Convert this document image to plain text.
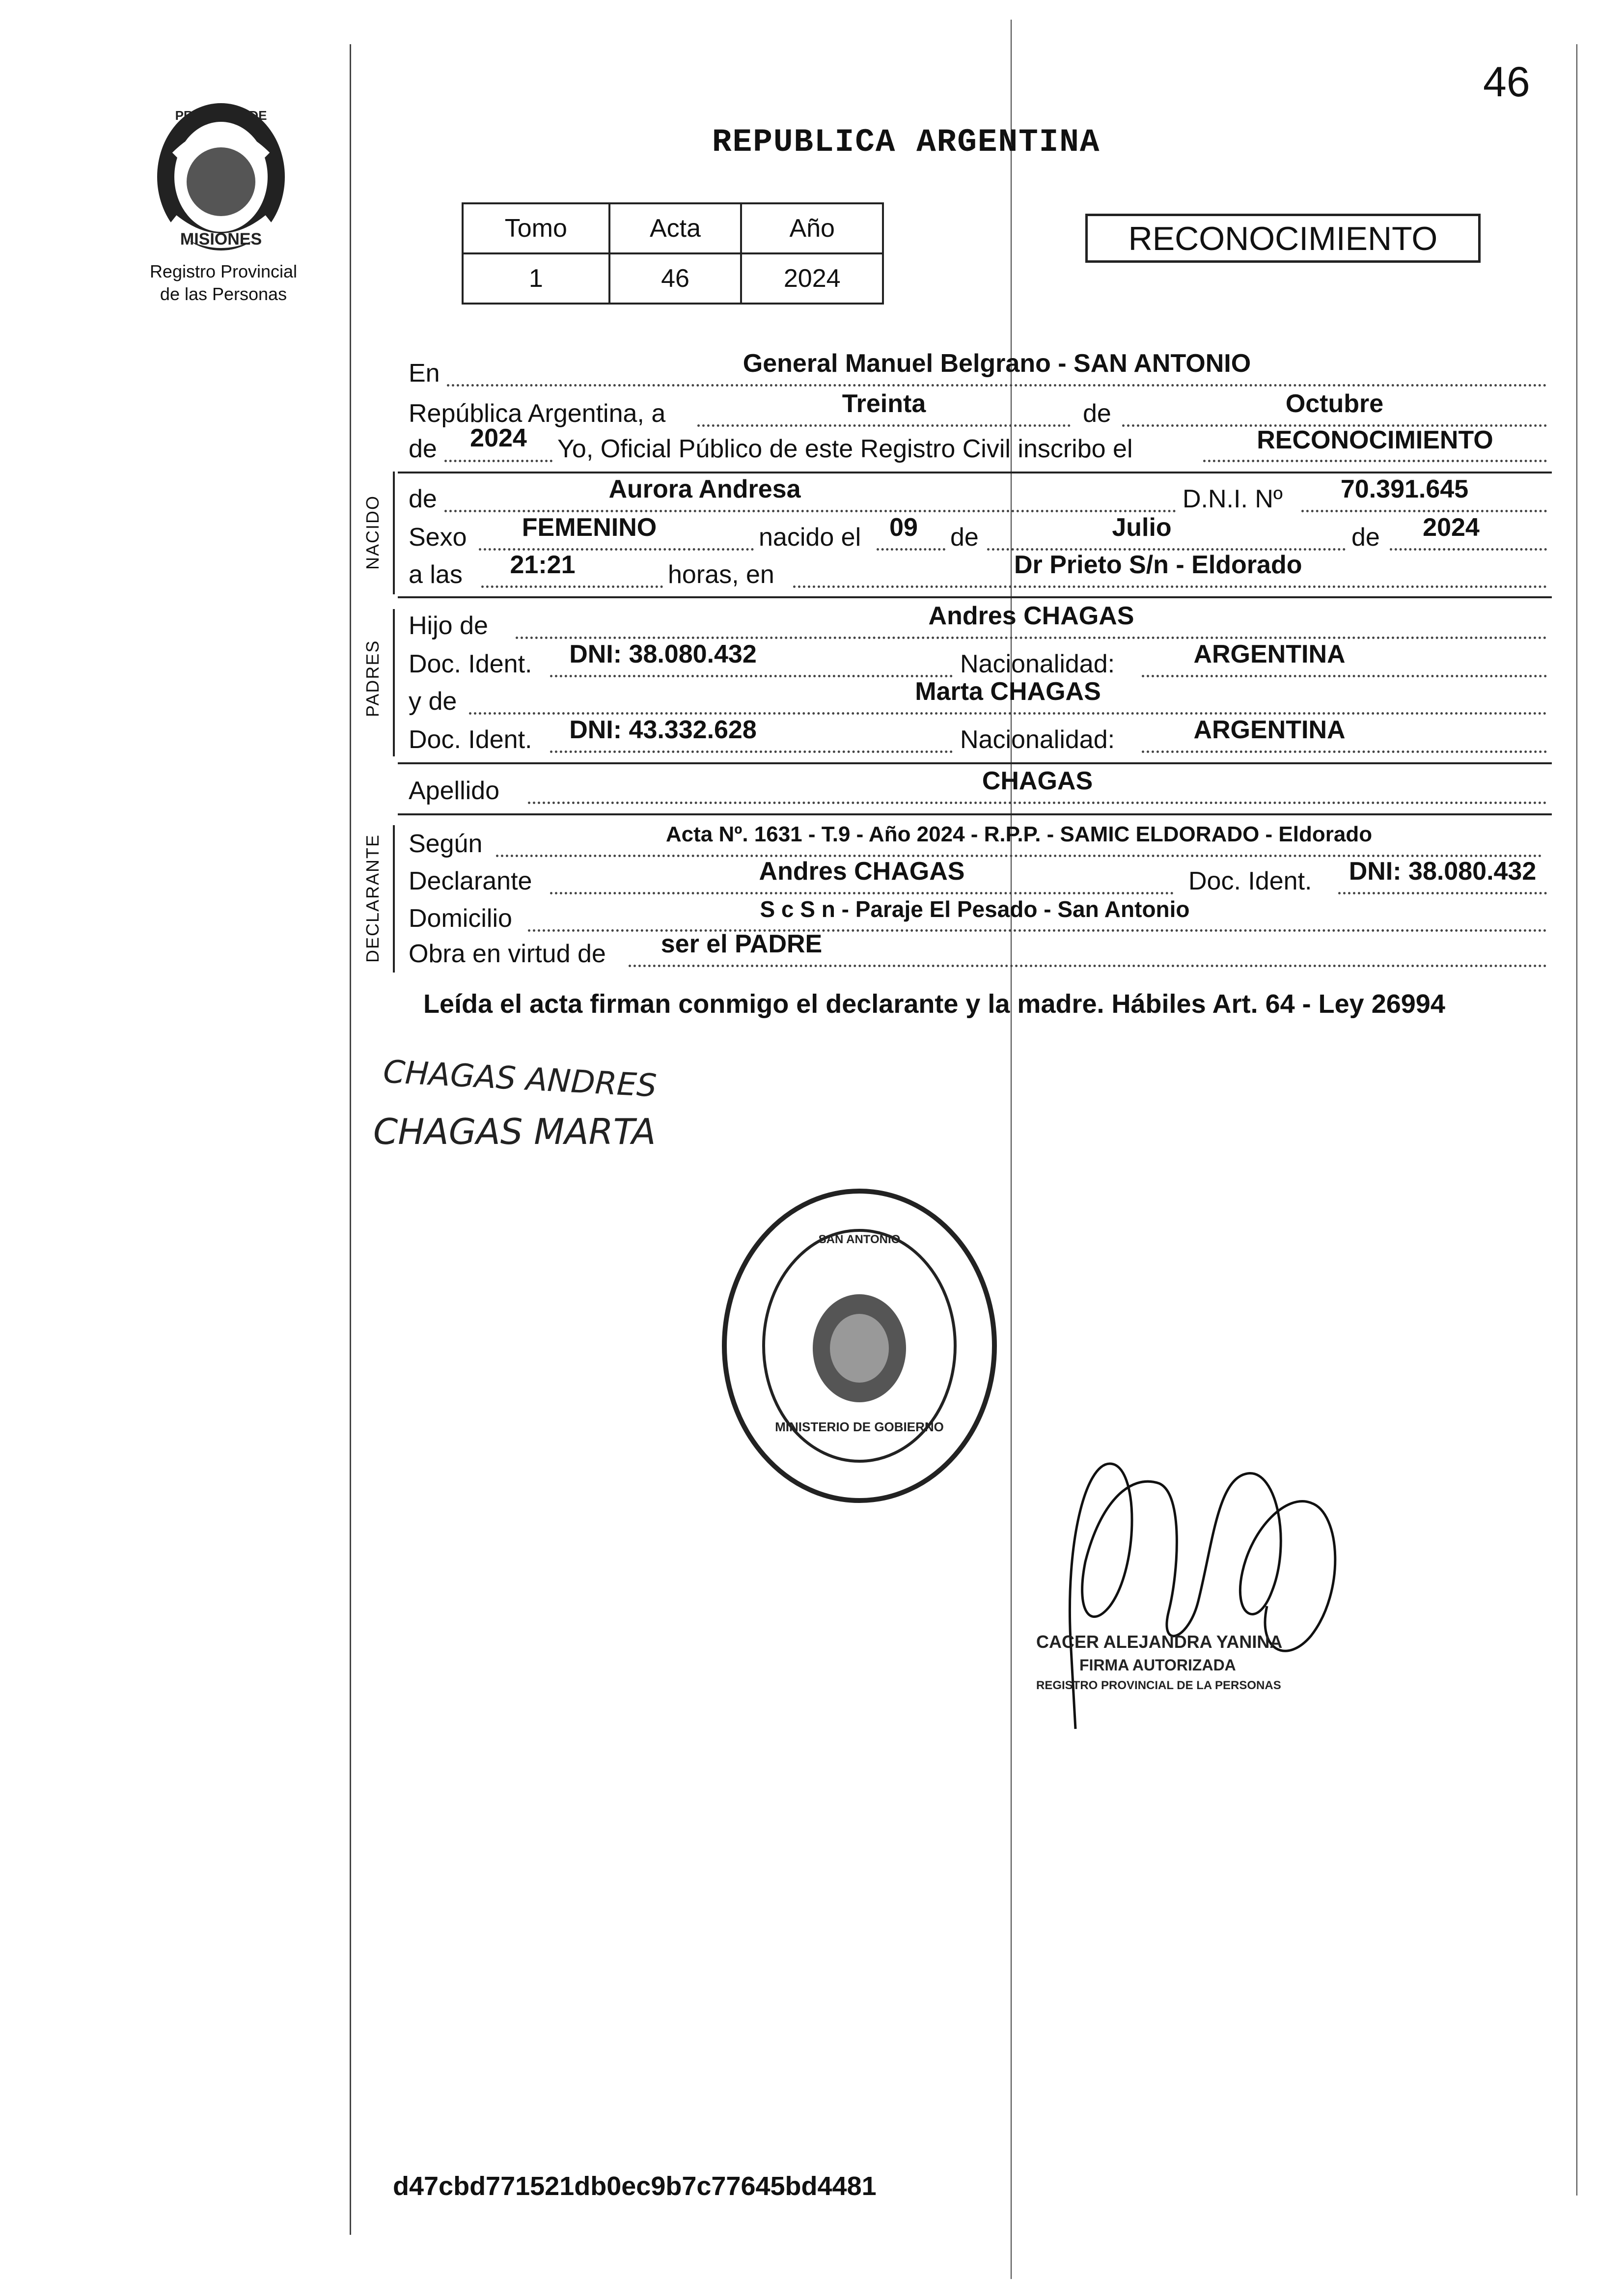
PROVINCIA DE
MISIONES
Registro Provincial
de las Personas
46
REPUBLICA ARGENTINA
Tomo	Acta	Año
1	46	2024
RECONOCIMIENTO
En	General Manuel Belgrano - SAN ANTONIO
República Argentina, a	Treinta	de	Octubre
de	2024	Yo, Oficial Público de este Registro Civil inscribo el	RECONOCIMIENTO
NACIDO de	Aurora Andresa	D.N.I. Nº	70.391.645
Sexo	FEMENINO	nacido el	09	de	Julio	de	2024
a las	21:21	horas, en	Dr Prieto S/n - Eldorado
PADRES
Hijo de	Andres CHAGAS
Doc. Ident.	DNI: 38.080.432	Nacionalidad:	ARGENTINA
y de	Marta CHAGAS
Doc. Ident.	DNI: 43.332.628	Nacionalidad:	ARGENTINA
Apellido	CHAGAS
DECLARANTE Según	Acta Nº. 1631 - T.9 - Año 2024 - R.P.P. - SAMIC ELDORADO - Eldorado
Declarante	Andres CHAGAS	Doc. Ident.	DNI: 38.080.432
Domicilio	S c S n - Paraje El Pesado - San Antonio
Obra en virtud de	ser el PADRE
Leída el acta firman conmigo el declarante y la madre. Hábiles Art. 64 - Ley 26994
CHAGAS ANDRES
CHAGAS MARTA
SAN ANTONIO
MINISTERIO DE GOBIERNO
CACER ALEJANDRA YANINA
FIRMA AUTORIZADA
REGISTRO PROVINCIAL DE LA PERSONAS
d47cbd771521db0ec9b7c77645bd4481
